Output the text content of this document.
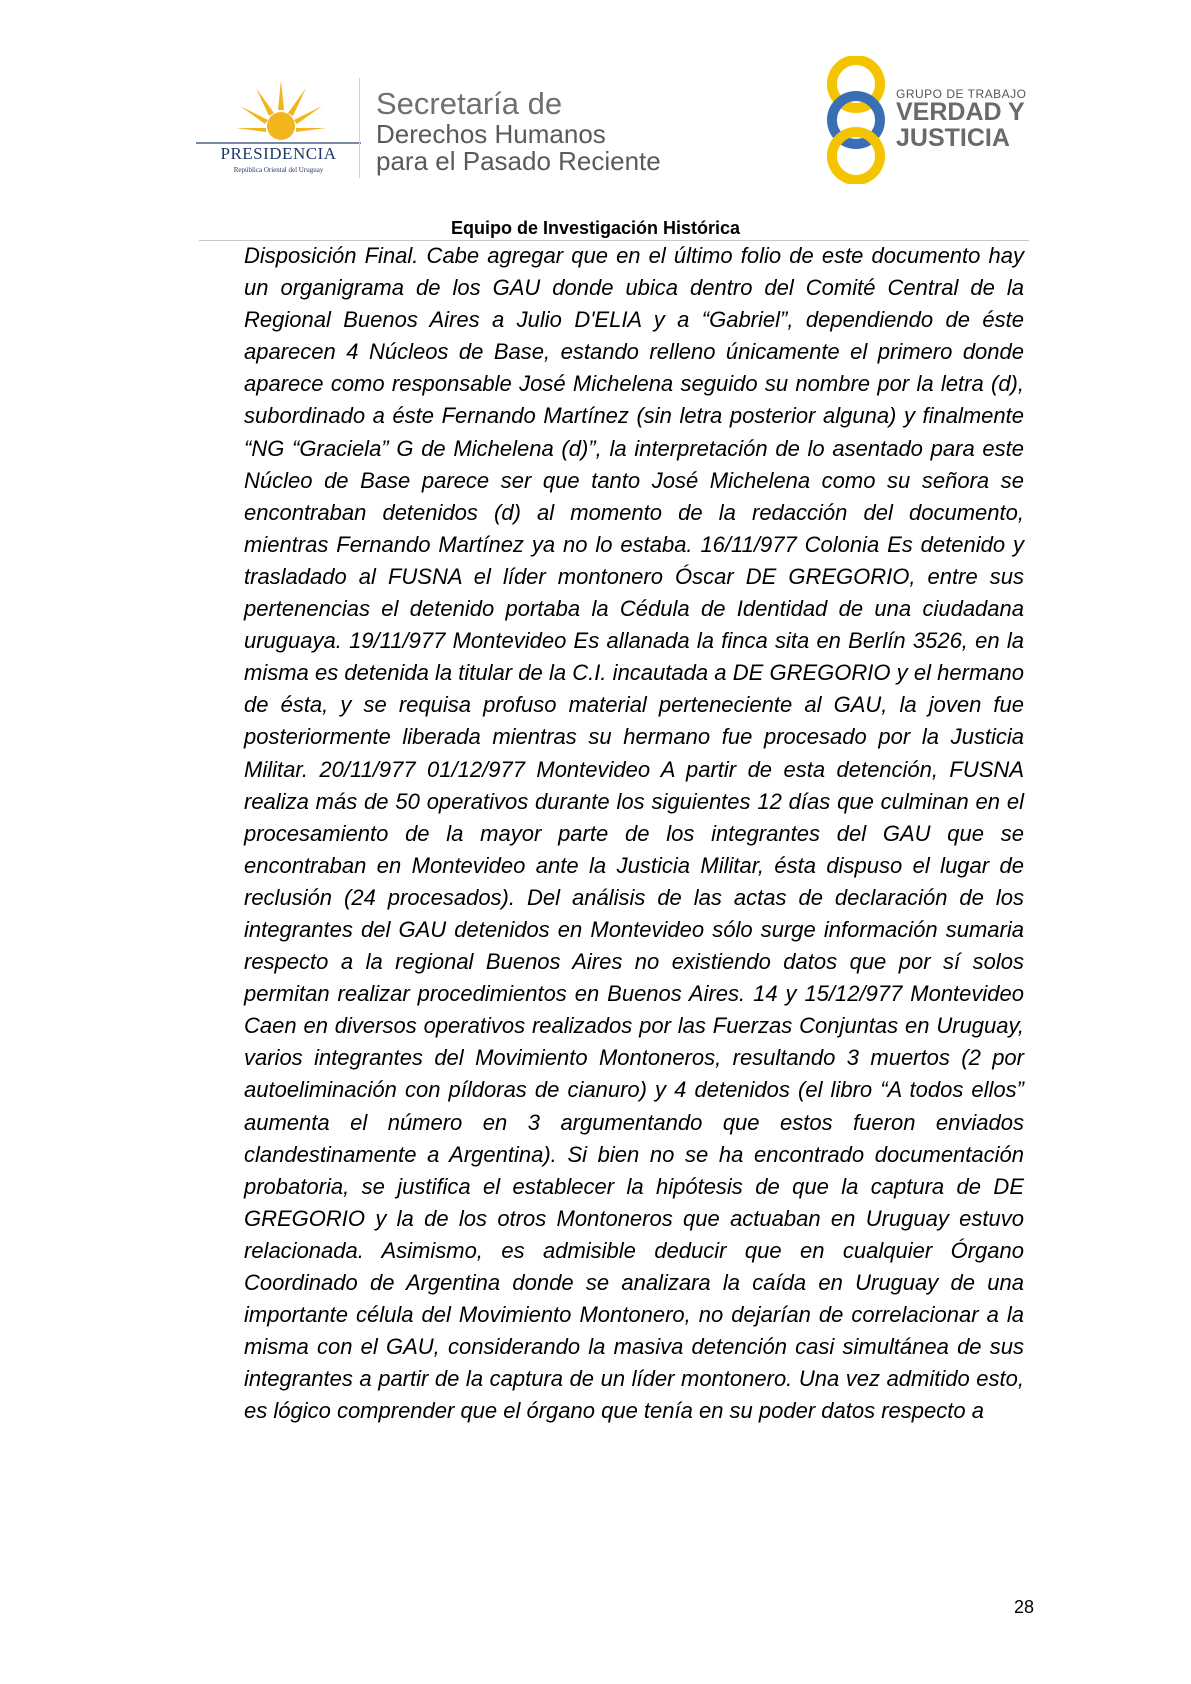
PRESIDENCIA
República Oriental del Uruguay
Secretaría de
Derechos Humanos
para el Pasado Reciente
GRUPO DE TRABAJO
VERDAD Y
JUSTICIA
Equipo de Investigación Histórica
Disposición Final. Cabe agregar que en el último folio de este documento hay un organigrama de los GAU donde ubica dentro del Comité Central de la Regional Buenos Aires a Julio D'ELIA y a “Gabriel”, dependiendo de éste aparecen 4 Núcleos de Base, estando relleno únicamente el primero donde aparece como responsable José Michelena seguido su nombre por la letra (d), subordinado a éste Fernando Martínez (sin letra posterior alguna) y finalmente “NG “Graciela” G de Michelena (d)”, la interpretación de lo asentado para este Núcleo de Base parece ser que tanto José Michelena como su señora se encontraban detenidos (d) al momento de la redacción del documento, mientras Fernando Martínez ya no lo estaba. 16/11/977 Colonia Es detenido y trasladado al FUSNA el líder montonero Óscar DE GREGORIO, entre sus pertenencias el detenido portaba la Cédula de Identidad de una ciudadana uruguaya. 19/11/977 Montevideo Es allanada la finca sita en Berlín 3526, en la misma es detenida la titular de la C.I. incautada a DE GREGORIO y el hermano de ésta, y se requisa profuso material perteneciente al GAU, la joven fue posteriormente liberada mientras su hermano fue procesado por la Justicia Militar. 20/11/977 01/12/977 Montevideo A partir de esta detención, FUSNA realiza más de 50 operativos durante los siguientes 12 días que culminan en el procesamiento de la mayor parte de los integrantes del GAU que se encontraban en Montevideo ante la Justicia Militar, ésta dispuso el lugar de reclusión (24 procesados). Del análisis de las actas de declaración de los integrantes del GAU detenidos en Montevideo sólo surge información sumaria respecto a la regional Buenos Aires no existiendo datos que por sí solos permitan realizar procedimientos en Buenos Aires. 14 y 15/12/977 Montevideo Caen en diversos operativos realizados por las Fuerzas Conjuntas en Uruguay, varios integrantes del Movimiento Montoneros, resultando 3 muertos (2 por autoeliminación con píldoras de cianuro) y 4 detenidos (el libro “A todos ellos” aumenta el número en 3 argumentando que estos fueron enviados clandestinamente a Argentina). Si bien no se ha encontrado documentación probatoria, se justifica el establecer la hipótesis de que la captura de DE GREGORIO y la de los otros Montoneros que actuaban en Uruguay estuvo relacionada. Asimismo, es admisible deducir que en cualquier Órgano Coordinado de Argentina donde se analizara la caída en Uruguay de una importante célula del Movimiento Montonero, no dejarían de correlacionar a la misma con el GAU, considerando la masiva detención casi simultánea de sus integrantes a partir de la captura de un líder montonero. Una vez admitido esto, es lógico comprender que el órgano que tenía en su poder datos respecto a
28
